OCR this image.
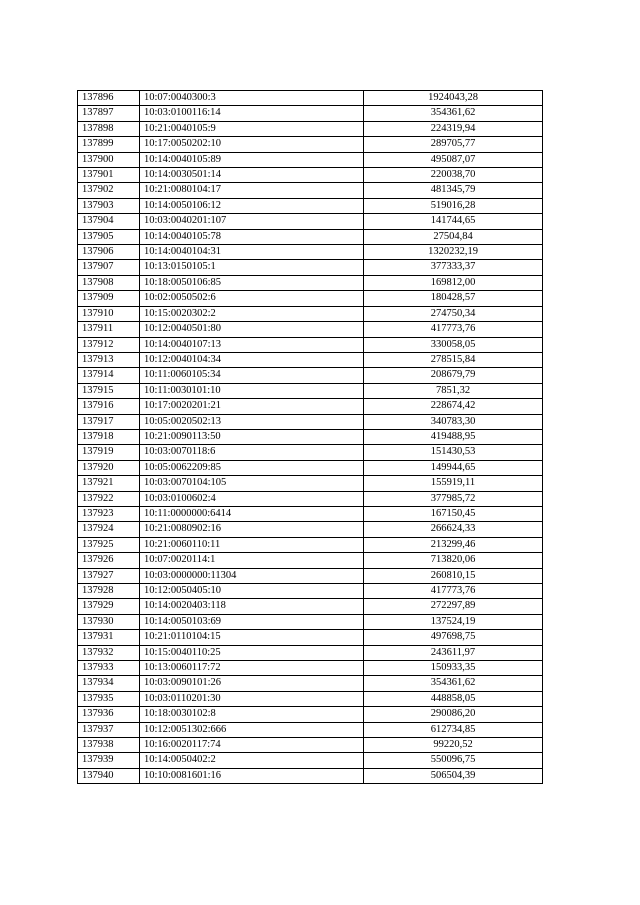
137896	10:07:0040300:3	1924043,28
137897	10:03:0100116:14	354361,62
137898	10:21:0040105:9	224319,94
137899	10:17:0050202:10	289705,77
137900	10:14:0040105:89	495087,07
137901	10:14:0030501:14	220038,70
137902	10:21:0080104:17	481345,79
137903	10:14:0050106:12	519016,28
137904	10:03:0040201:107	141744,65
137905	10:14:0040105:78	27504,84
137906	10:14:0040104:31	1320232,19
137907	10:13:0150105:1	377333,37
137908	10:18:0050106:85	169812,00
137909	10:02:0050502:6	180428,57
137910	10:15:0020302:2	274750,34
137911	10:12:0040501:80	417773,76
137912	10:14:0040107:13	330058,05
137913	10:12:0040104:34	278515,84
137914	10:11:0060105:34	208679,79
137915	10:11:0030101:10	7851,32
137916	10:17:0020201:21	228674,42
137917	10:05:0020502:13	340783,30
137918	10:21:0090113:50	419488,95
137919	10:03:0070118:6	151430,53
137920	10:05:0062209:85	149944,65
137921	10:03:0070104:105	155919,11
137922	10:03:0100602:4	377985,72
137923	10:11:0000000:6414	167150,45
137924	10:21:0080902:16	266624,33
137925	10:21:0060110:11	213299,46
137926	10:07:0020114:1	713820,06
137927	10:03:0000000:11304	260810,15
137928	10:12:0050405:10	417773,76
137929	10:14:0020403:118	272297,89
137930	10:14:0050103:69	137524,19
137931	10:21:0110104:15	497698,75
137932	10:15:0040110:25	243611,97
137933	10:13:0060117:72	150933,35
137934	10:03:0090101:26	354361,62
137935	10:03:0110201:30	448858,05
137936	10:18:0030102:8	290086,20
137937	10:12:0051302:666	612734,85
137938	10:16:0020117:74	99220,52
137939	10:14:0050402:2	550096,75
137940	10:10:0081601:16	506504,39
